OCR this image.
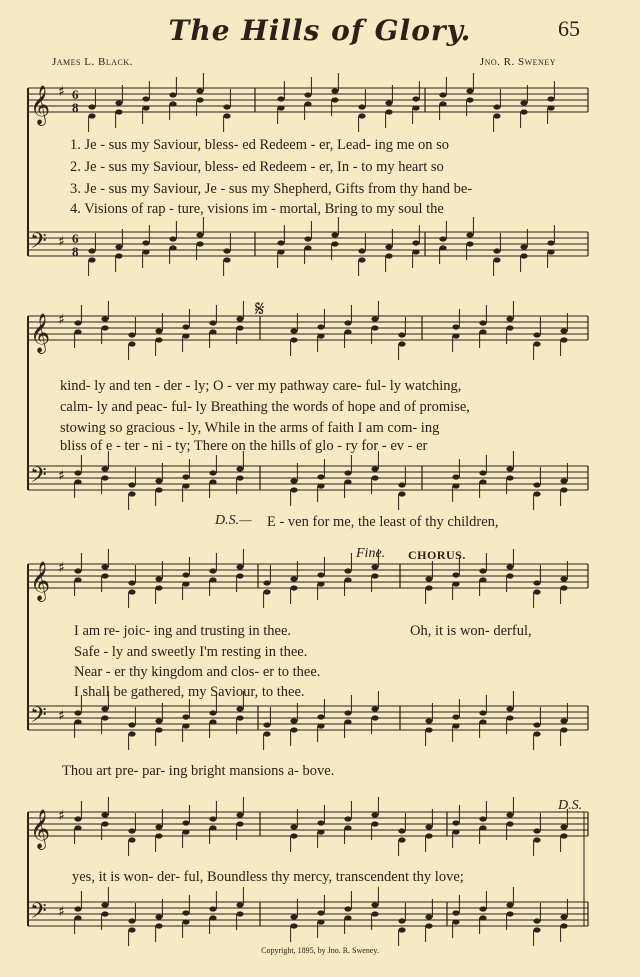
The Hills of Glory.	65
James L. Black.	Jno. R. Sweney
𝄞 ♯ 6
8
𝄢 ♯ 6
8
𝄞 ♯
𝄢 ♯
𝄞 ♯
𝄢 ♯
𝄞 ♯
𝄢 ♯
1. Je - sus my Saviour, bless- ed Redeem - er, Lead- ing me on so
2. Je - sus my Saviour, bless- ed Redeem - er, In - to my heart so
3. Je - sus my Saviour, Je - sus my Shepherd, Gifts from thy hand be-
4. Visions of rap - ture, visions im - mortal, Bring to my soul the
𝄋
kind- ly and ten - der - ly; O - ver my pathway care- ful- ly watching,
calm- ly and peac- ful- ly Breathing the words of hope and of promise,
stowing so gracious - ly, While in the arms of faith I am com- ing
bliss of e - ter - ni - ty; There on the hills of glo - ry for - ev - er
D.S.— E - ven for me, the least of thy children,
Fine. CHORUS.
I am re- joic- ing and trusting in thee.
Safe - ly and sweetly I'm resting in thee.
Near - er thy kingdom and clos- er to thee.
I shall be gathered, my Saviour, to thee.
Oh, it is won- derful,
Thou art pre- par- ing bright mansions a- bove.
D.S.
yes, it is won- der- ful, Boundless thy mercy, transcendent thy love;
Copyright, 1895, by Jno. R. Sweney.
